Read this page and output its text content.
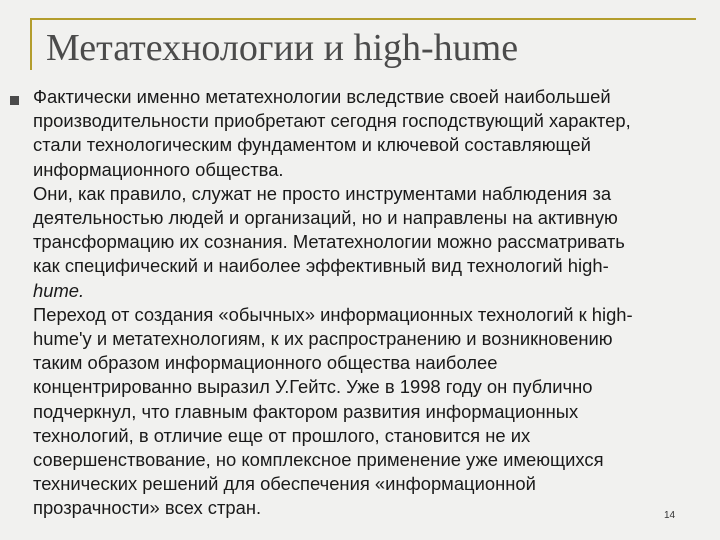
Метатехнологии и high-hume
Фактически именно метатехнологии вследствие своей наибольшей
производительности приобретают сегодня господствующий характер,
стали технологическим фундаментом и ключевой составляющей
информационного общества.
Они, как правило, служат не просто инструментами наблюдения за
деятельностью людей и организаций, но и направлены на активную
трансформацию их сознания. Метатехнологии можно рассматривать
как специфический и наиболее эффективный вид технологий high-
hume.
Переход от создания «обычных» информационных технологий к high-
hume'у и метатехнологиям, к их распространению и возникновению
таким образом информационного общества наиболее
концентрированно выразил У.Гейтс. Уже в 1998 году он публично
подчеркнул, что главным фактором развития информационных
технологий, в отличие еще от прошлого, становится не их
совершенствование, но комплексное применение уже имеющихся
технических решений для обеспечения «информационной
прозрачности» всех стран.	14
